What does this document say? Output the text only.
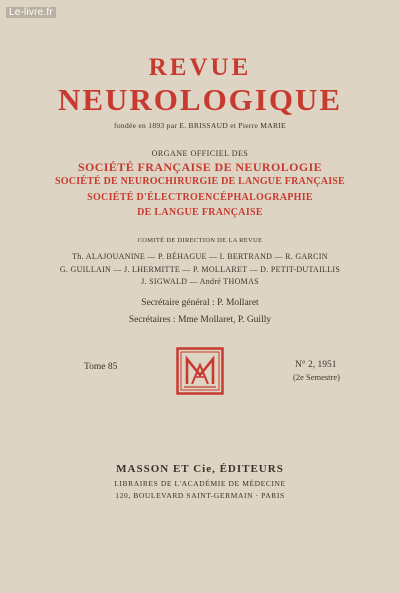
Le-livre.fr
REVUE
NEUROLOGIQUE
fondée en 1893 par E. BRISSAUD et Pierre MARIE
ORGANE OFFICIEL DES
SOCIÉTÉ FRANÇAISE DE NEUROLOGIE
SOCIÉTÉ DE NEUROCHIRURGIE DE LANGUE FRANÇAISE
SOCIÉTÉ D'ÉLECTROENCÉPHALOGRAPHIE
DE LANGUE FRANÇAISE
COMITÉ DE DIRECTION DE LA REVUE
Th. ALAJOUANINE — P. BÉHAGUE — I. BERTRAND — R. GARCIN
G. GUILLAIN — J. LHERMITTE — P. MOLLARET — D. PETIT-DUTAILLIS
J. SIGWALD — André THOMAS
Secrétaire général : P. Mollaret
Secrétaires : Mme Mollaret, P. Guilly
Tome 85	N° 2, 1951
(2e Semestre)
MASSON ET Cie, ÉDITEURS
LIBRAIRES DE L'ACADÉMIE DE MÉDECINE
120, BOULEVARD SAINT-GERMAIN · PARIS
